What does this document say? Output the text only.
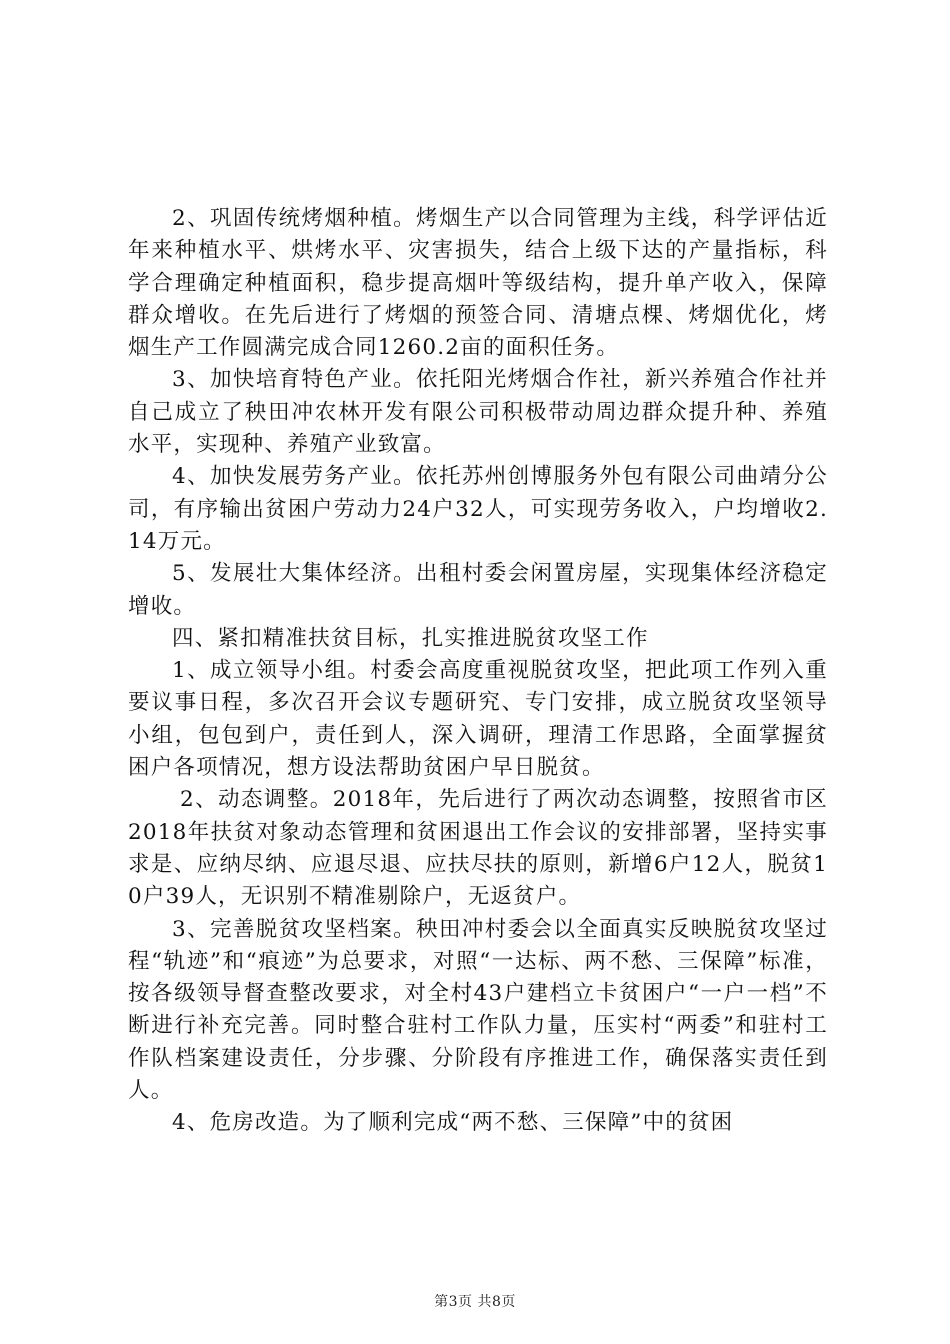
2、巩固传统烤烟种植。烤烟生产以合同管理为主线，科学评估近年来种植水平、烘烤水平、灾害损失，结合上级下达的产量指标，科学合理确定种植面积，稳步提高烟叶等级结构，提升单产收入，保障群众增收。在先后进行了烤烟的预签合同、清塘点棵、烤烟优化，烤烟生产工作圆满完成合同1260.2亩的面积任务。

3、加快培育特色产业。依托阳光烤烟合作社，新兴养殖合作社并自己成立了秧田冲农林开发有限公司积极带动周边群众提升种、养殖水平，实现种、养殖产业致富。

4、加快发展劳务产业。依托苏州创博服务外包有限公司曲靖分公司，有序输出贫困户劳动力24户32人，可实现劳务收入，户均增收2.14万元。

5、发展壮大集体经济。出租村委会闲置房屋，实现集体经济稳定增收。

四、紧扣精准扶贫目标，扎实推进脱贫攻坚工作

1、成立领导小组。村委会高度重视脱贫攻坚，把此项工作列入重要议事日程，多次召开会议专题研究、专门安排，成立脱贫攻坚领导小组，包包到户，责任到人，深入调研，理清工作思路，全面掌握贫困户各项情况，想方设法帮助贫困户早日脱贫。

2、动态调整。2018年，先后进行了两次动态调整，按照省市区2018年扶贫对象动态管理和贫困退出工作会议的安排部署，坚持实事求是、应纳尽纳、应退尽退、应扶尽扶的原则，新增6户12人，脱贫10户39人，无识别不精准剔除户，无返贫户。

3、完善脱贫攻坚档案。秧田冲村委会以全面真实反映脱贫攻坚过程“轨迹”和“痕迹”为总要求，对照“一达标、两不愁、三保障”标准，按各级领导督查整改要求，对全村43户建档立卡贫困户“一户一档”不断进行补充完善。同时整合驻村工作队力量，压实村“两委”和驻村工作队档案建设责任，分步骤、分阶段有序推进工作，确保落实责任到人。

4、危房改造。为了顺利完成“两不愁、三保障”中的贫困

第3页 共8页
